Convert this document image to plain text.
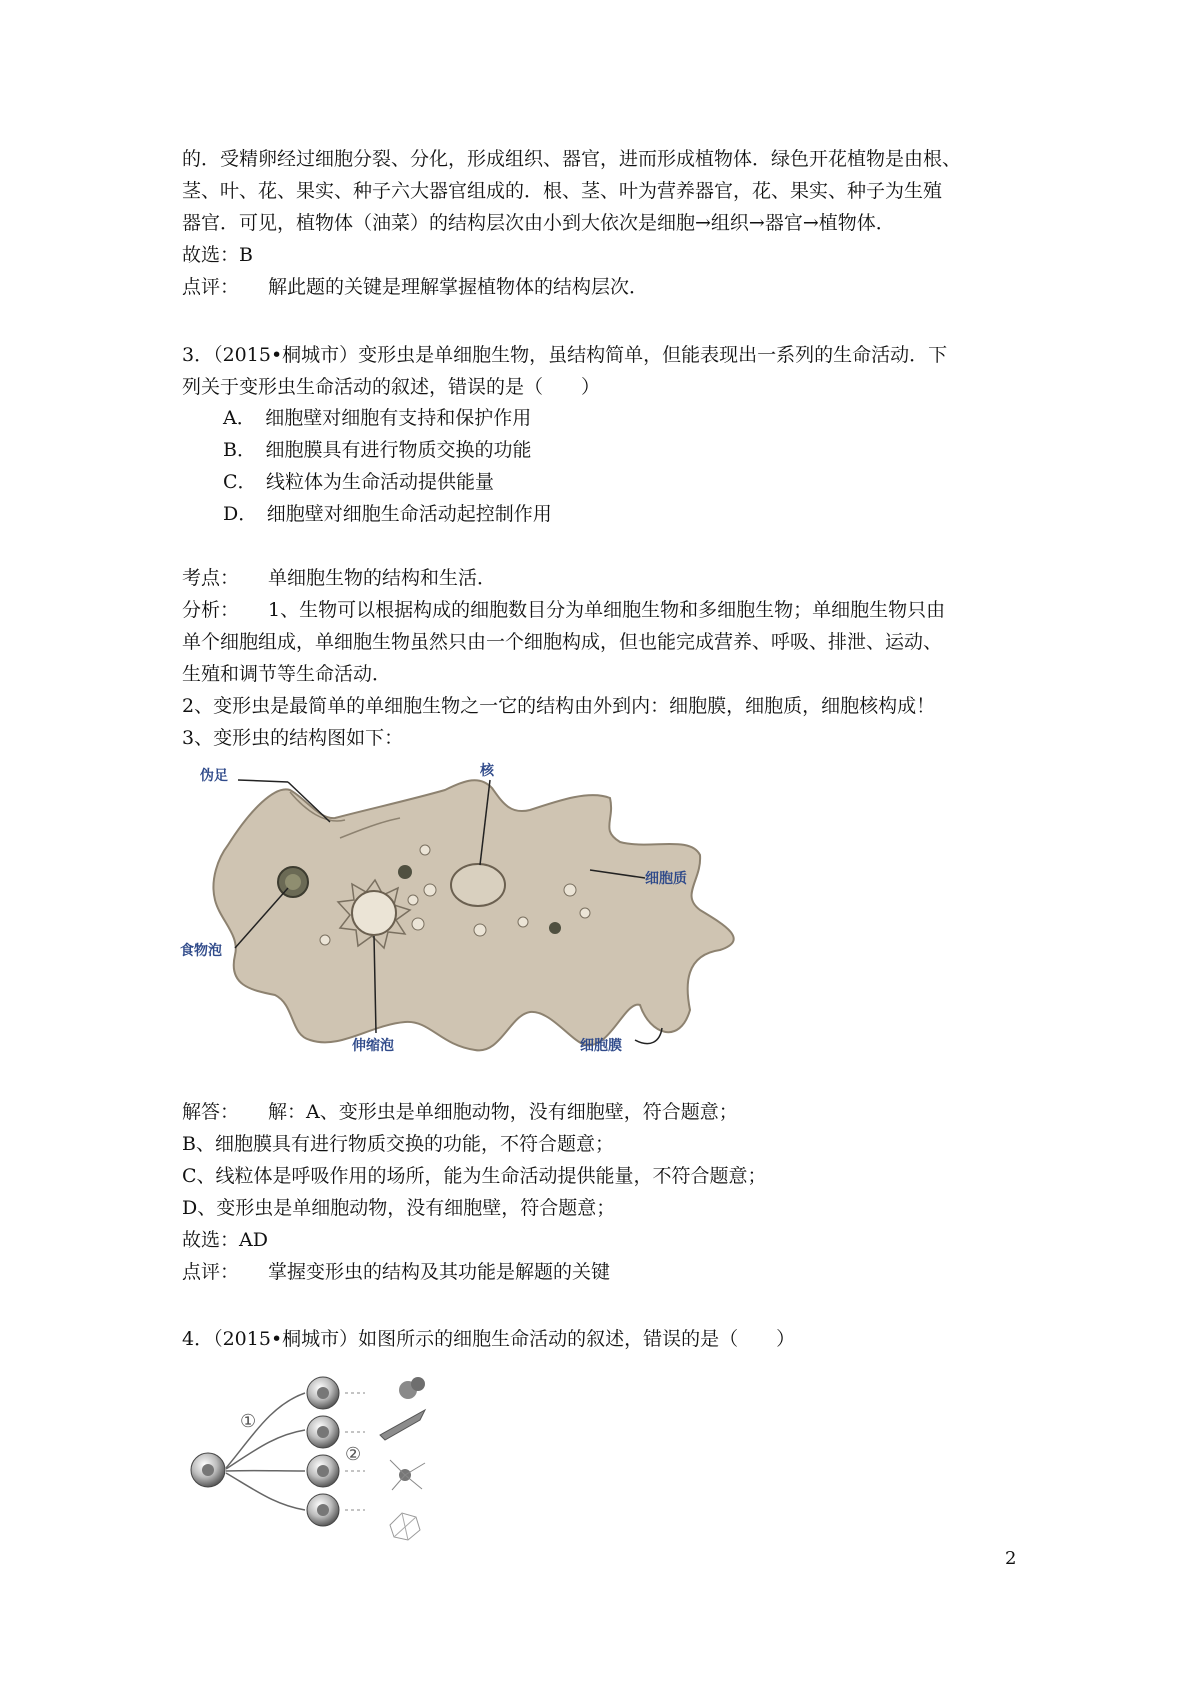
的．受精卵经过细胞分裂、分化，形成组织、器官，进而形成植物体．绿色开花植物是由根、
茎、叶、花、果实、种子六大器官组成的．根、茎、叶为营养器官，花、果实、种子为生殖
器官．可见，植物体（油菜）的结构层次由小到大依次是细胞→组织→器官→植物体．
故选：B
点评： 解此题的关键是理解掌握植物体的结构层次．
3．（2015•桐城市）变形虫是单细胞生物，虽结构简单，但能表现出一系列的生命活动．下
列关于变形虫生命活动的叙述，错误的是（　　）
A．　细胞壁对细胞有支持和保护作用
B．　细胞膜具有进行物质交换的功能
C．　线粒体为生命活动提供能量
D．　细胞壁对细胞生命活动起控制作用
考点： 单细胞生物的结构和生活．
分析： 1、生物可以根据构成的细胞数目分为单细胞生物和多细胞生物；单细胞生物只由
单个细胞组成，单细胞生物虽然只由一个细胞构成，但也能完成营养、呼吸、排泄、运动、
生殖和调节等生命活动．
2、变形虫是最简单的单细胞生物之一它的结构由外到内：细胞膜，细胞质，细胞核构成！
3、变形虫的结构图如下：
伪足	核
细胞质
食物泡
伸缩泡	细胞膜
解答： 解：A、变形虫是单细胞动物，没有细胞壁，符合题意；
B、细胞膜具有进行物质交换的功能，不符合题意；
C、线粒体是呼吸作用的场所，能为生命活动提供能量，不符合题意；
D、变形虫是单细胞动物，没有细胞壁，符合题意；
故选：AD
点评： 掌握变形虫的结构及其功能是解题的关键
4．（2015•桐城市）如图所示的细胞生命活动的叙述，错误的是（　　）
①
②
2
